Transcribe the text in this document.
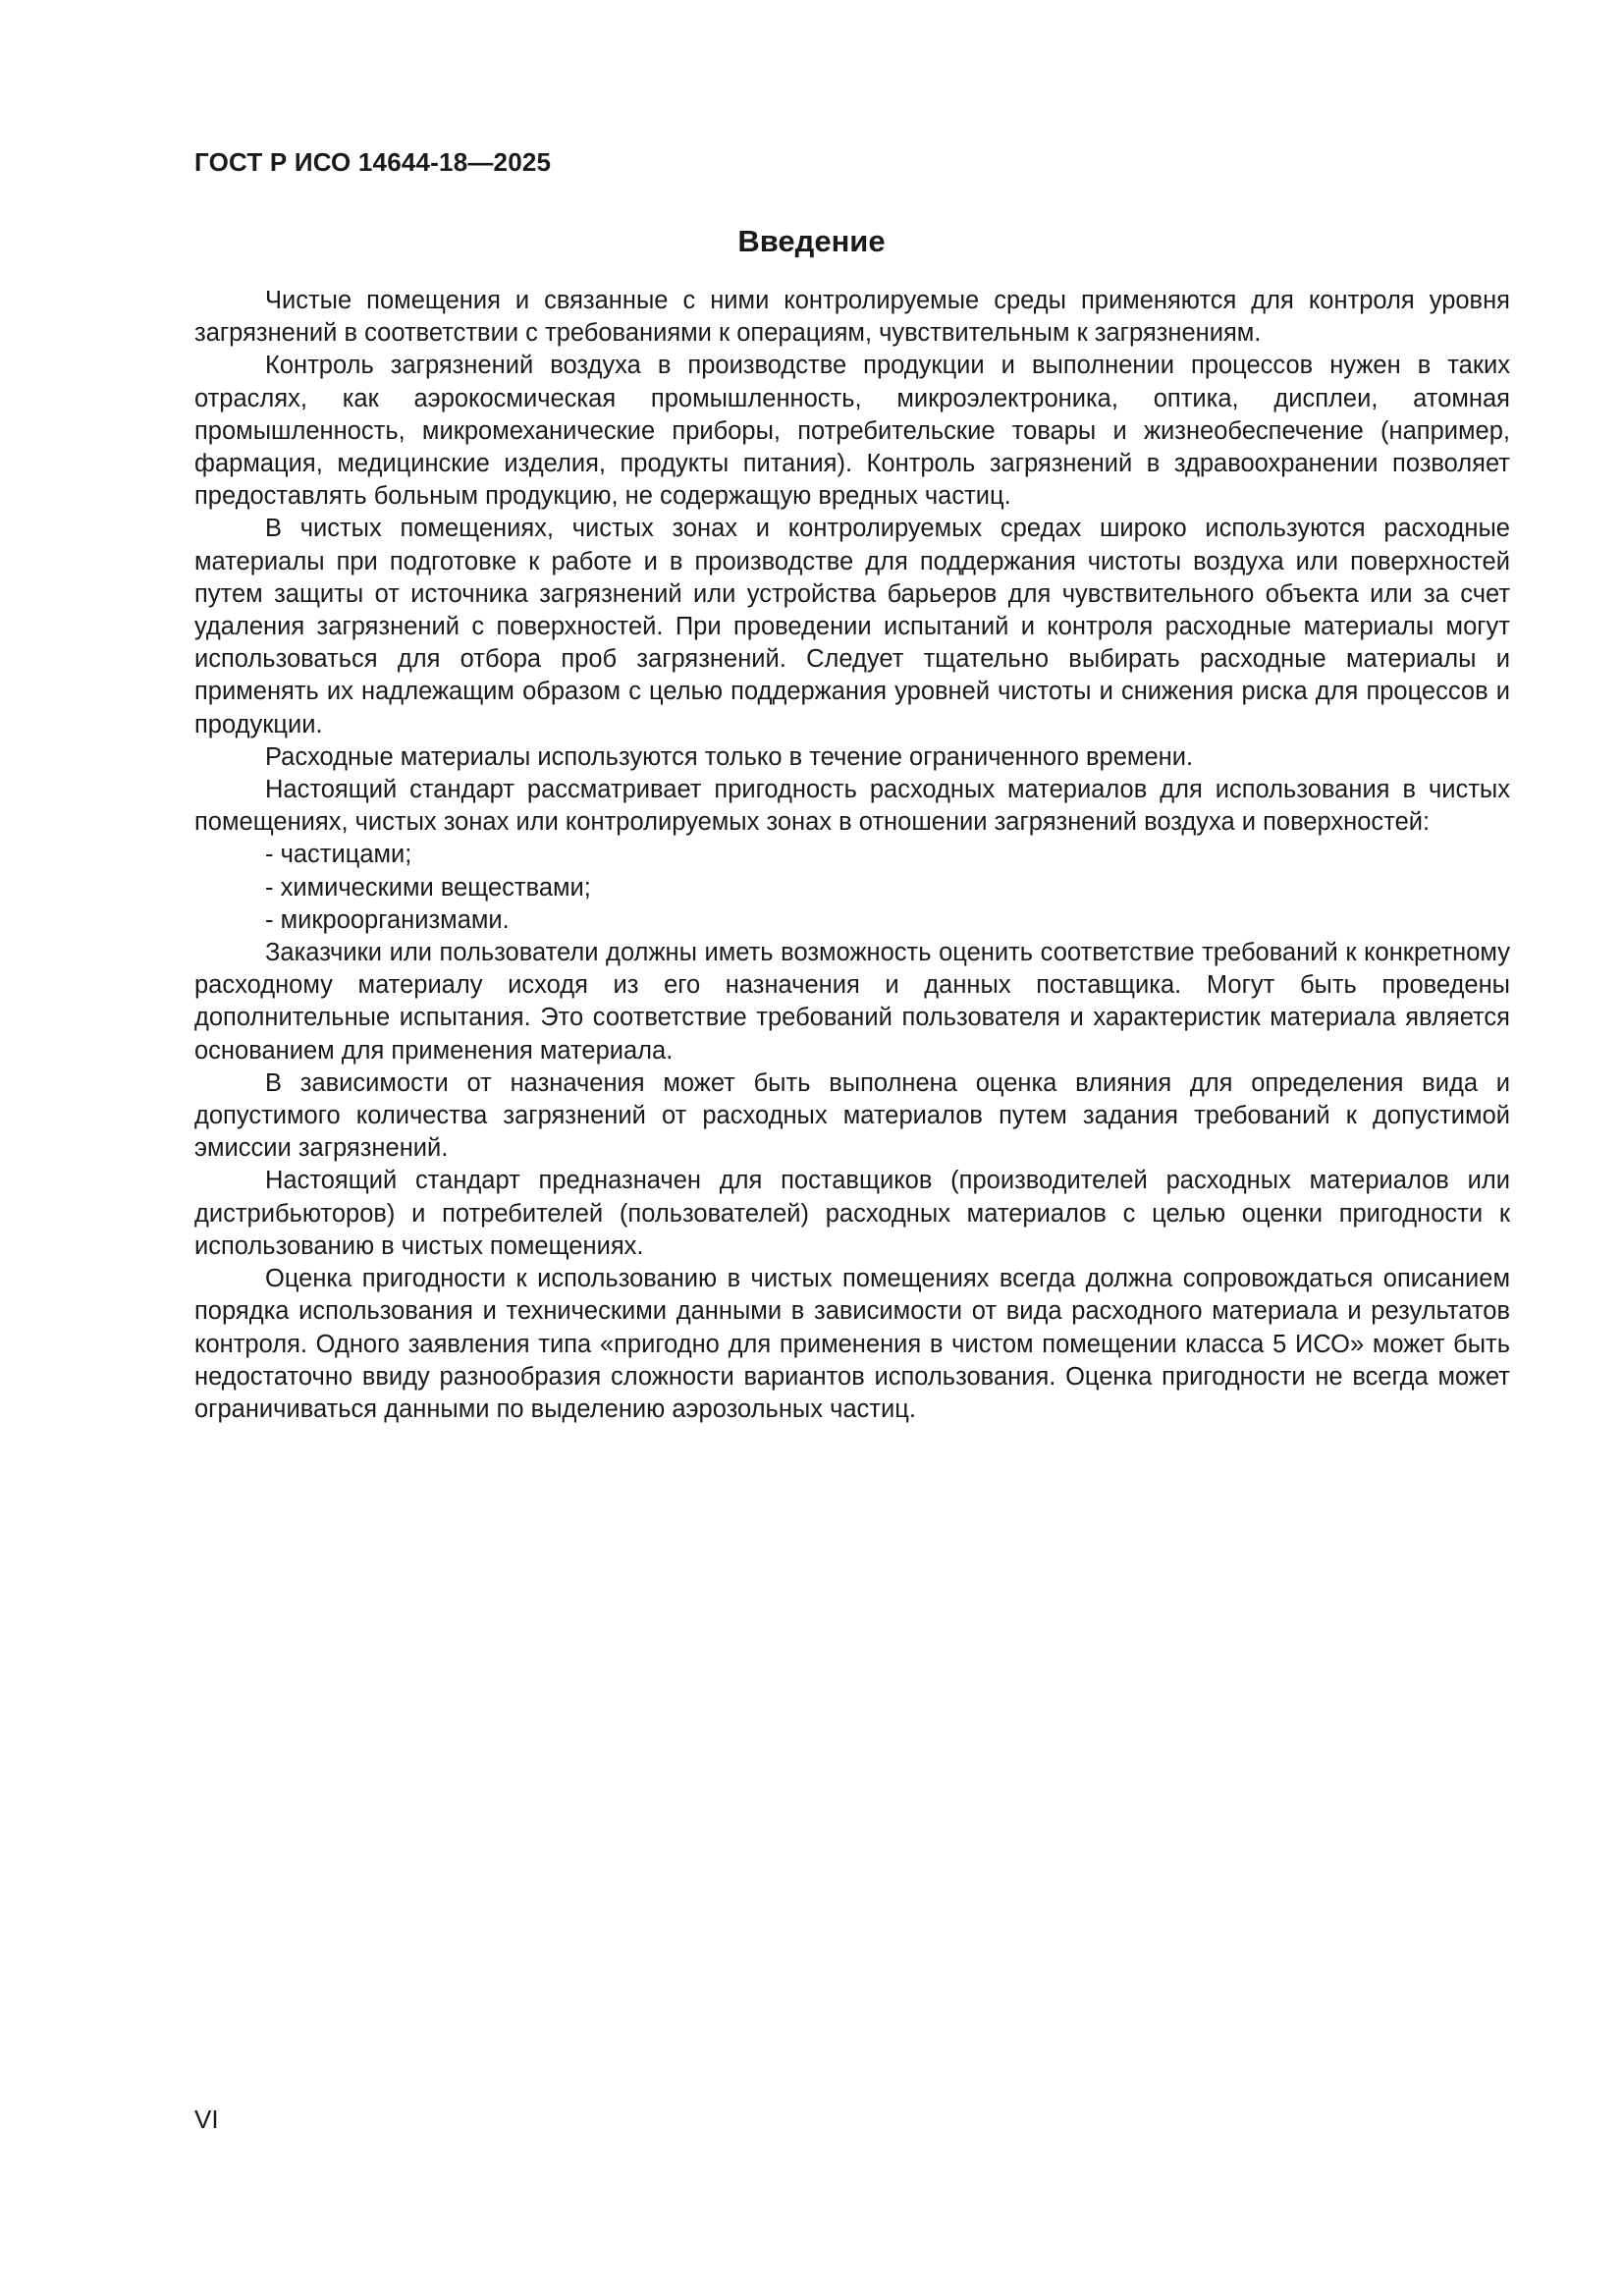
ГОСТ Р ИСО 14644-18—2025
Введение

Чистые помещения и связанные с ними контролируемые среды применяются для контроля уровня загрязнений в соответствии с требованиями к операциям, чувствительным к загрязнениям.

Контроль загрязнений воздуха в производстве продукции и выполнении процессов нужен в таких отраслях, как аэрокосмическая промышленность, микроэлектроника, оптика, дисплеи, атомная промышленность, микромеханические приборы, потребительские товары и жизнеобеспечение (например, фармация, медицинские изделия, продукты питания). Контроль загрязнений в здравоохранении позволяет предоставлять больным продукцию, не содержащую вредных частиц.

В чистых помещениях, чистых зонах и контролируемых средах широко используются расходные материалы при подготовке к работе и в производстве для поддержания чистоты воздуха или поверхностей путем защиты от источника загрязнений или устройства барьеров для чувствительного объекта или за счет удаления загрязнений с поверхностей. При проведении испытаний и контроля расходные материалы могут использоваться для отбора проб загрязнений. Следует тщательно выбирать расходные материалы и применять их надлежащим образом с целью поддержания уровней чистоты и снижения риска для процессов и продукции.

Расходные материалы используются только в течение ограниченного времени.

Настоящий стандарт рассматривает пригодность расходных материалов для использования в чистых помещениях, чистых зонах или контролируемых зонах в отношении загрязнений воздуха и поверхностей:

- частицами;
- химическими веществами;
- микроорганизмами.

Заказчики или пользователи должны иметь возможность оценить соответствие требований к конкретному расходному материалу исходя из его назначения и данных поставщика. Могут быть проведены дополнительные испытания. Это соответствие требований пользователя и характеристик материала является основанием для применения материала.

В зависимости от назначения может быть выполнена оценка влияния для определения вида и допустимого количества загрязнений от расходных материалов путем задания требований к допустимой эмиссии загрязнений.

Настоящий стандарт предназначен для поставщиков (производителей расходных материалов или дистрибьюторов) и потребителей (пользователей) расходных материалов с целью оценки пригодности к использованию в чистых помещениях.

Оценка пригодности к использованию в чистых помещениях всегда должна сопровождаться описанием порядка использования и техническими данными в зависимости от вида расходного материала и результатов контроля. Одного заявления типа «пригодно для применения в чистом помещении класса 5 ИСО» может быть недостаточно ввиду разнообразия сложности вариантов использования. Оценка пригодности не всегда может ограничиваться данными по выделению аэрозольных частиц.

VI
